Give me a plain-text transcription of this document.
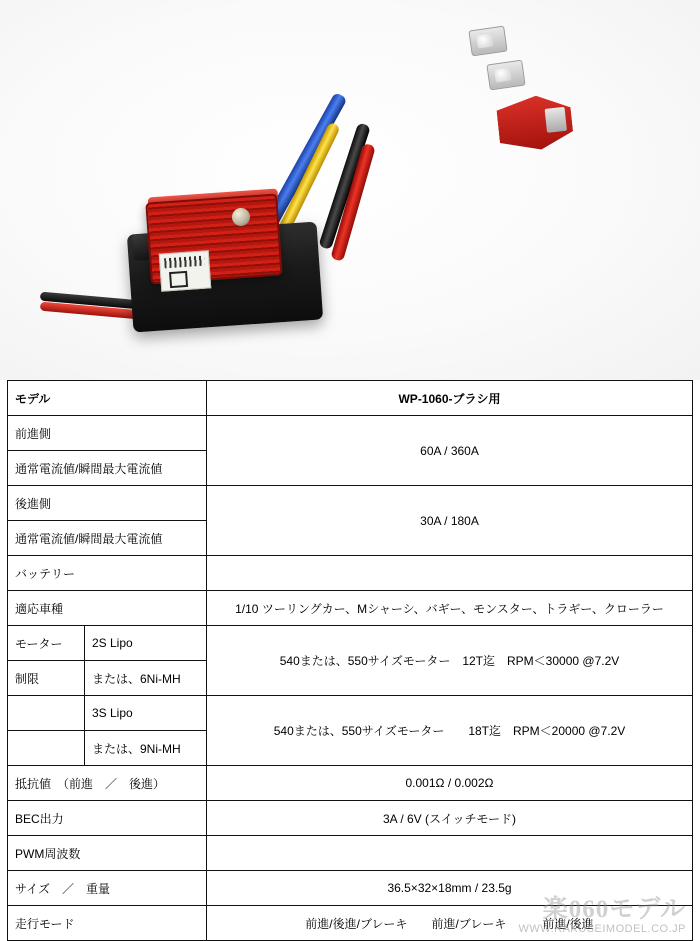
モデル		WP-1060-ブラシ用
前進側		60A / 360A
通常電流値/瞬間最大電流値		
後進側		30A / 180A
通常電流値/瞬間最大電流値		
バッテリー		
適応車種		1/10 ツーリングカー、Mシャーシ、バギー、モンスター、トラギー、クローラー
モーター	2S Lipo	540または、550サイズモーター　12T迄　RPM＜30000 @7.2V
制限	または、6Ni-MH	
	3S Lipo	540または、550サイズモーター　　18T迄　RPM＜20000 @7.2V
	または、9Ni-MH	
抵抗値　（前進　／　後進）		0.001Ω / 0.002Ω
BEC出力		3A / 6V (スイッチモード)
PWM周波数		
サイズ　／　重量		36.5×32×18mm / 23.5g
走行モード		前進/後進/ブレーキ　　前進/ブレーキ　　　前進/後進
楽060モデル
WWW.RAKUSEIMODEL.CO.JP
